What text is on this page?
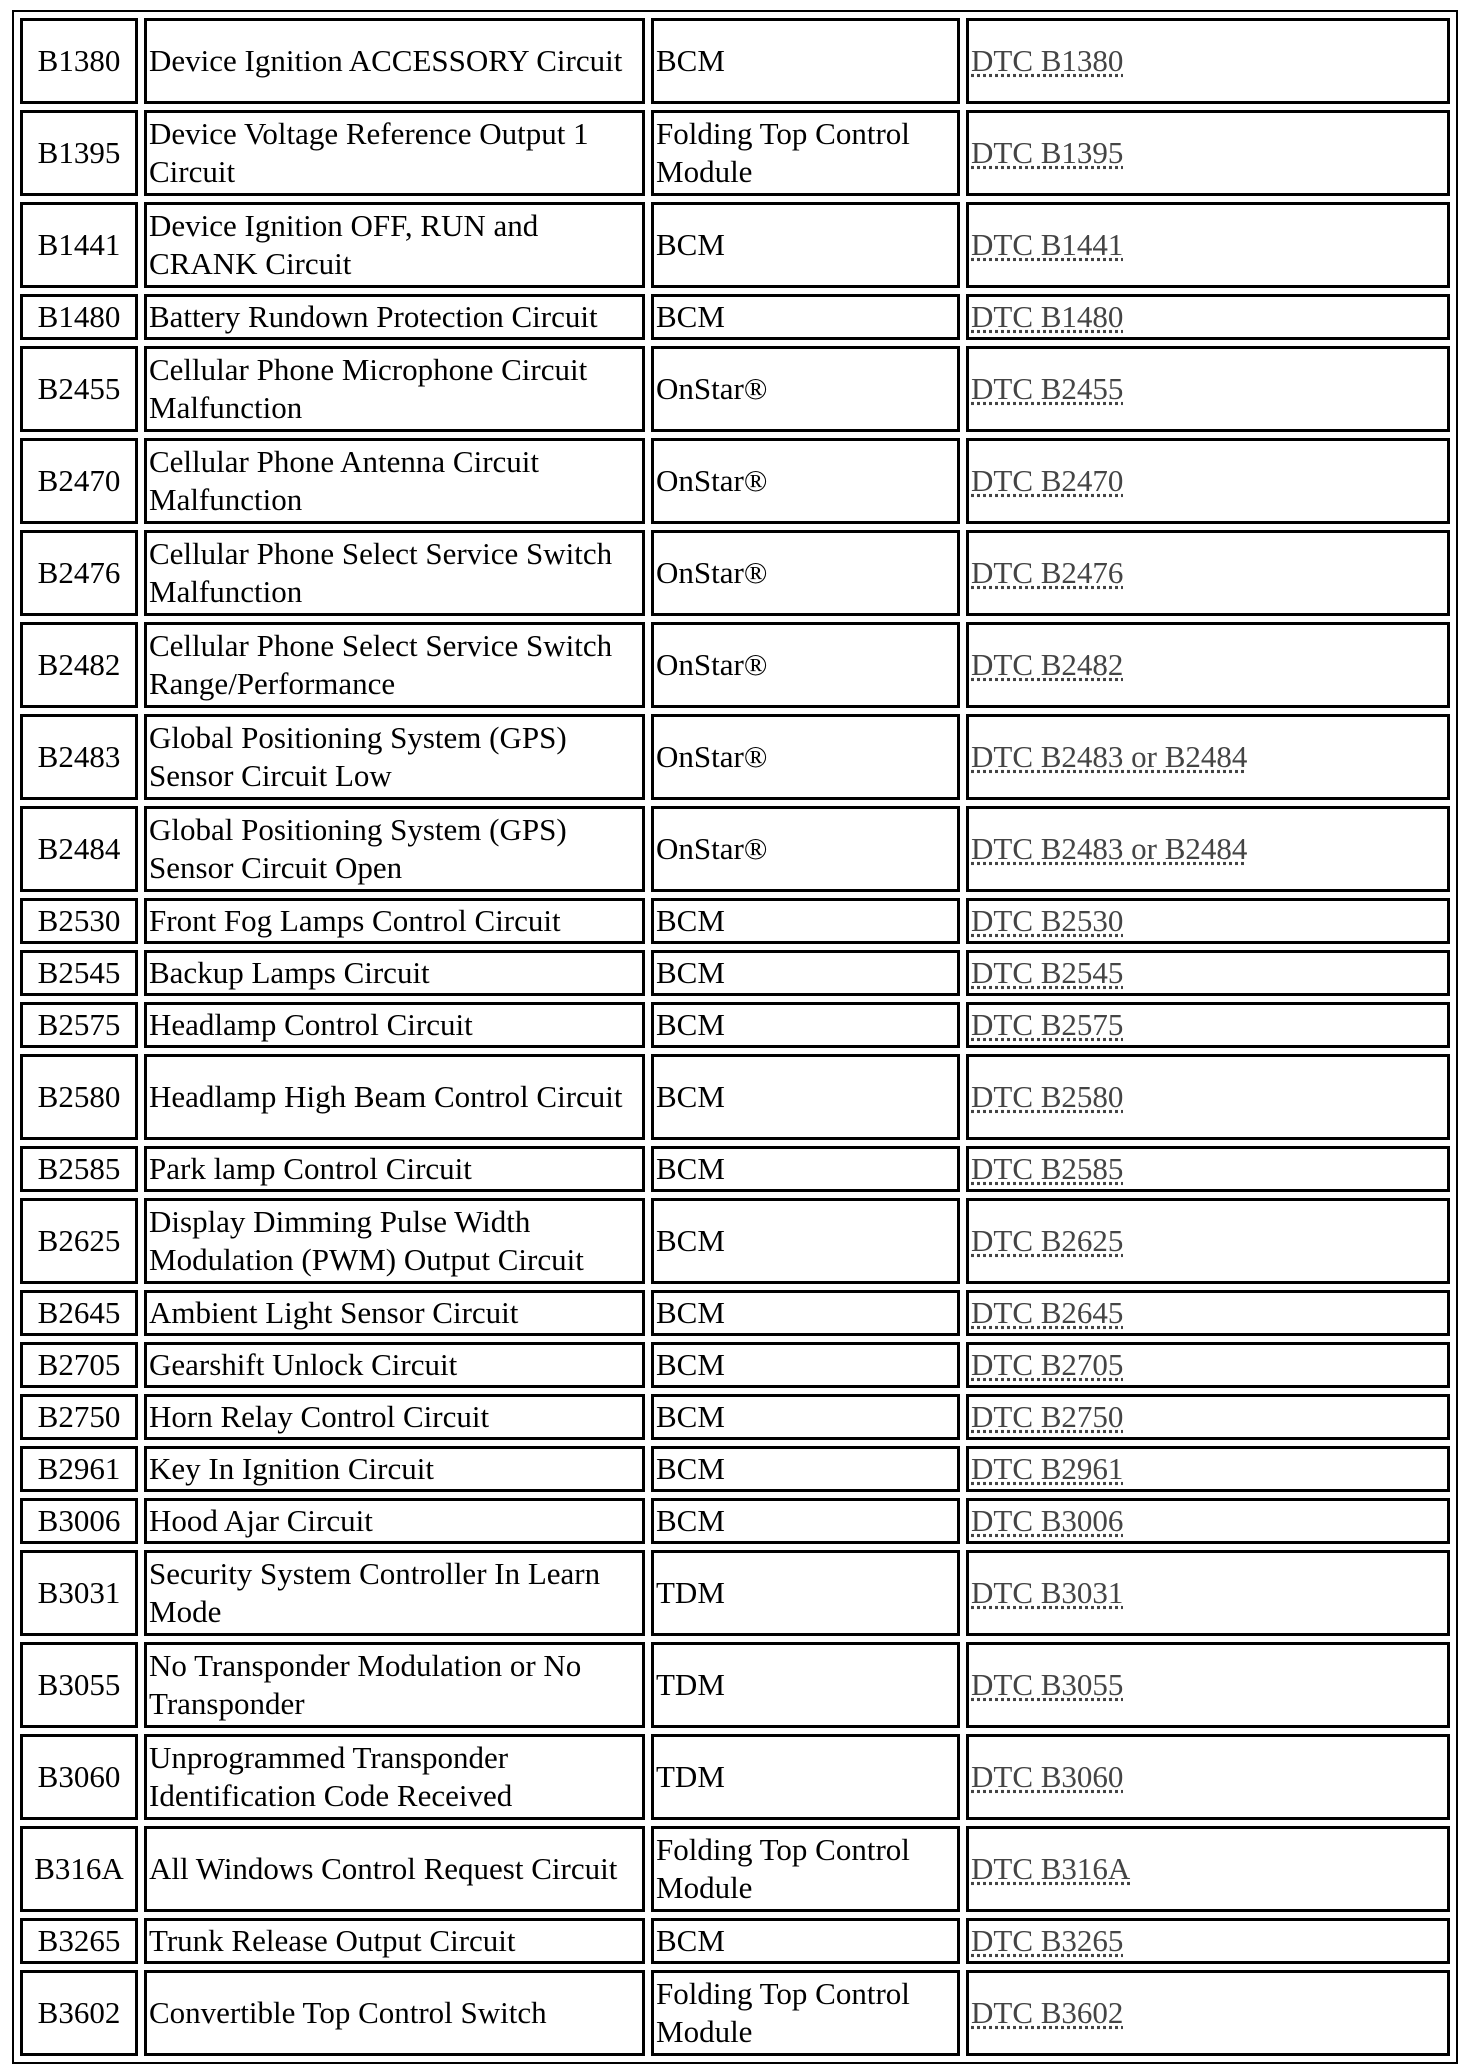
B1380	Device Ignition ACCESSORY Circuit	BCM	DTC B1380
B1395	Device Voltage Reference Output 1 Circuit	Folding Top Control Module	DTC B1395
B1441	Device Ignition OFF, RUN and CRANK Circuit	BCM	DTC B1441
B1480	Battery Rundown Protection Circuit	BCM	DTC B1480
B2455	Cellular Phone Microphone Circuit Malfunction	OnStar®	DTC B2455
B2470	Cellular Phone Antenna Circuit Malfunction	OnStar®	DTC B2470
B2476	Cellular Phone Select Service Switch Malfunction	OnStar®	DTC B2476
B2482	Cellular Phone Select Service Switch Range/Performance	OnStar®	DTC B2482
B2483	Global Positioning System (GPS) Sensor Circuit Low	OnStar®	DTC B2483 or B2484
B2484	Global Positioning System (GPS) Sensor Circuit Open	OnStar®	DTC B2483 or B2484
B2530	Front Fog Lamps Control Circuit	BCM	DTC B2530
B2545	Backup Lamps Circuit	BCM	DTC B2545
B2575	Headlamp Control Circuit	BCM	DTC B2575
B2580	Headlamp High Beam Control Circuit	BCM	DTC B2580
B2585	Park lamp Control Circuit	BCM	DTC B2585
B2625	Display Dimming Pulse Width Modulation (PWM) Output Circuit	BCM	DTC B2625
B2645	Ambient Light Sensor Circuit	BCM	DTC B2645
B2705	Gearshift Unlock Circuit	BCM	DTC B2705
B2750	Horn Relay Control Circuit	BCM	DTC B2750
B2961	Key In Ignition Circuit	BCM	DTC B2961
B3006	Hood Ajar Circuit	BCM	DTC B3006
B3031	Security System Controller In Learn Mode	TDM	DTC B3031
B3055	No Transponder Modulation or No Transponder	TDM	DTC B3055
B3060	Unprogrammed Transponder Identification Code Received	TDM	DTC B3060
B316A	All Windows Control Request Circuit	Folding Top Control Module	DTC B316A
B3265	Trunk Release Output Circuit	BCM	DTC B3265
B3602	Convertible Top Control Switch	Folding Top Control Module	DTC B3602
